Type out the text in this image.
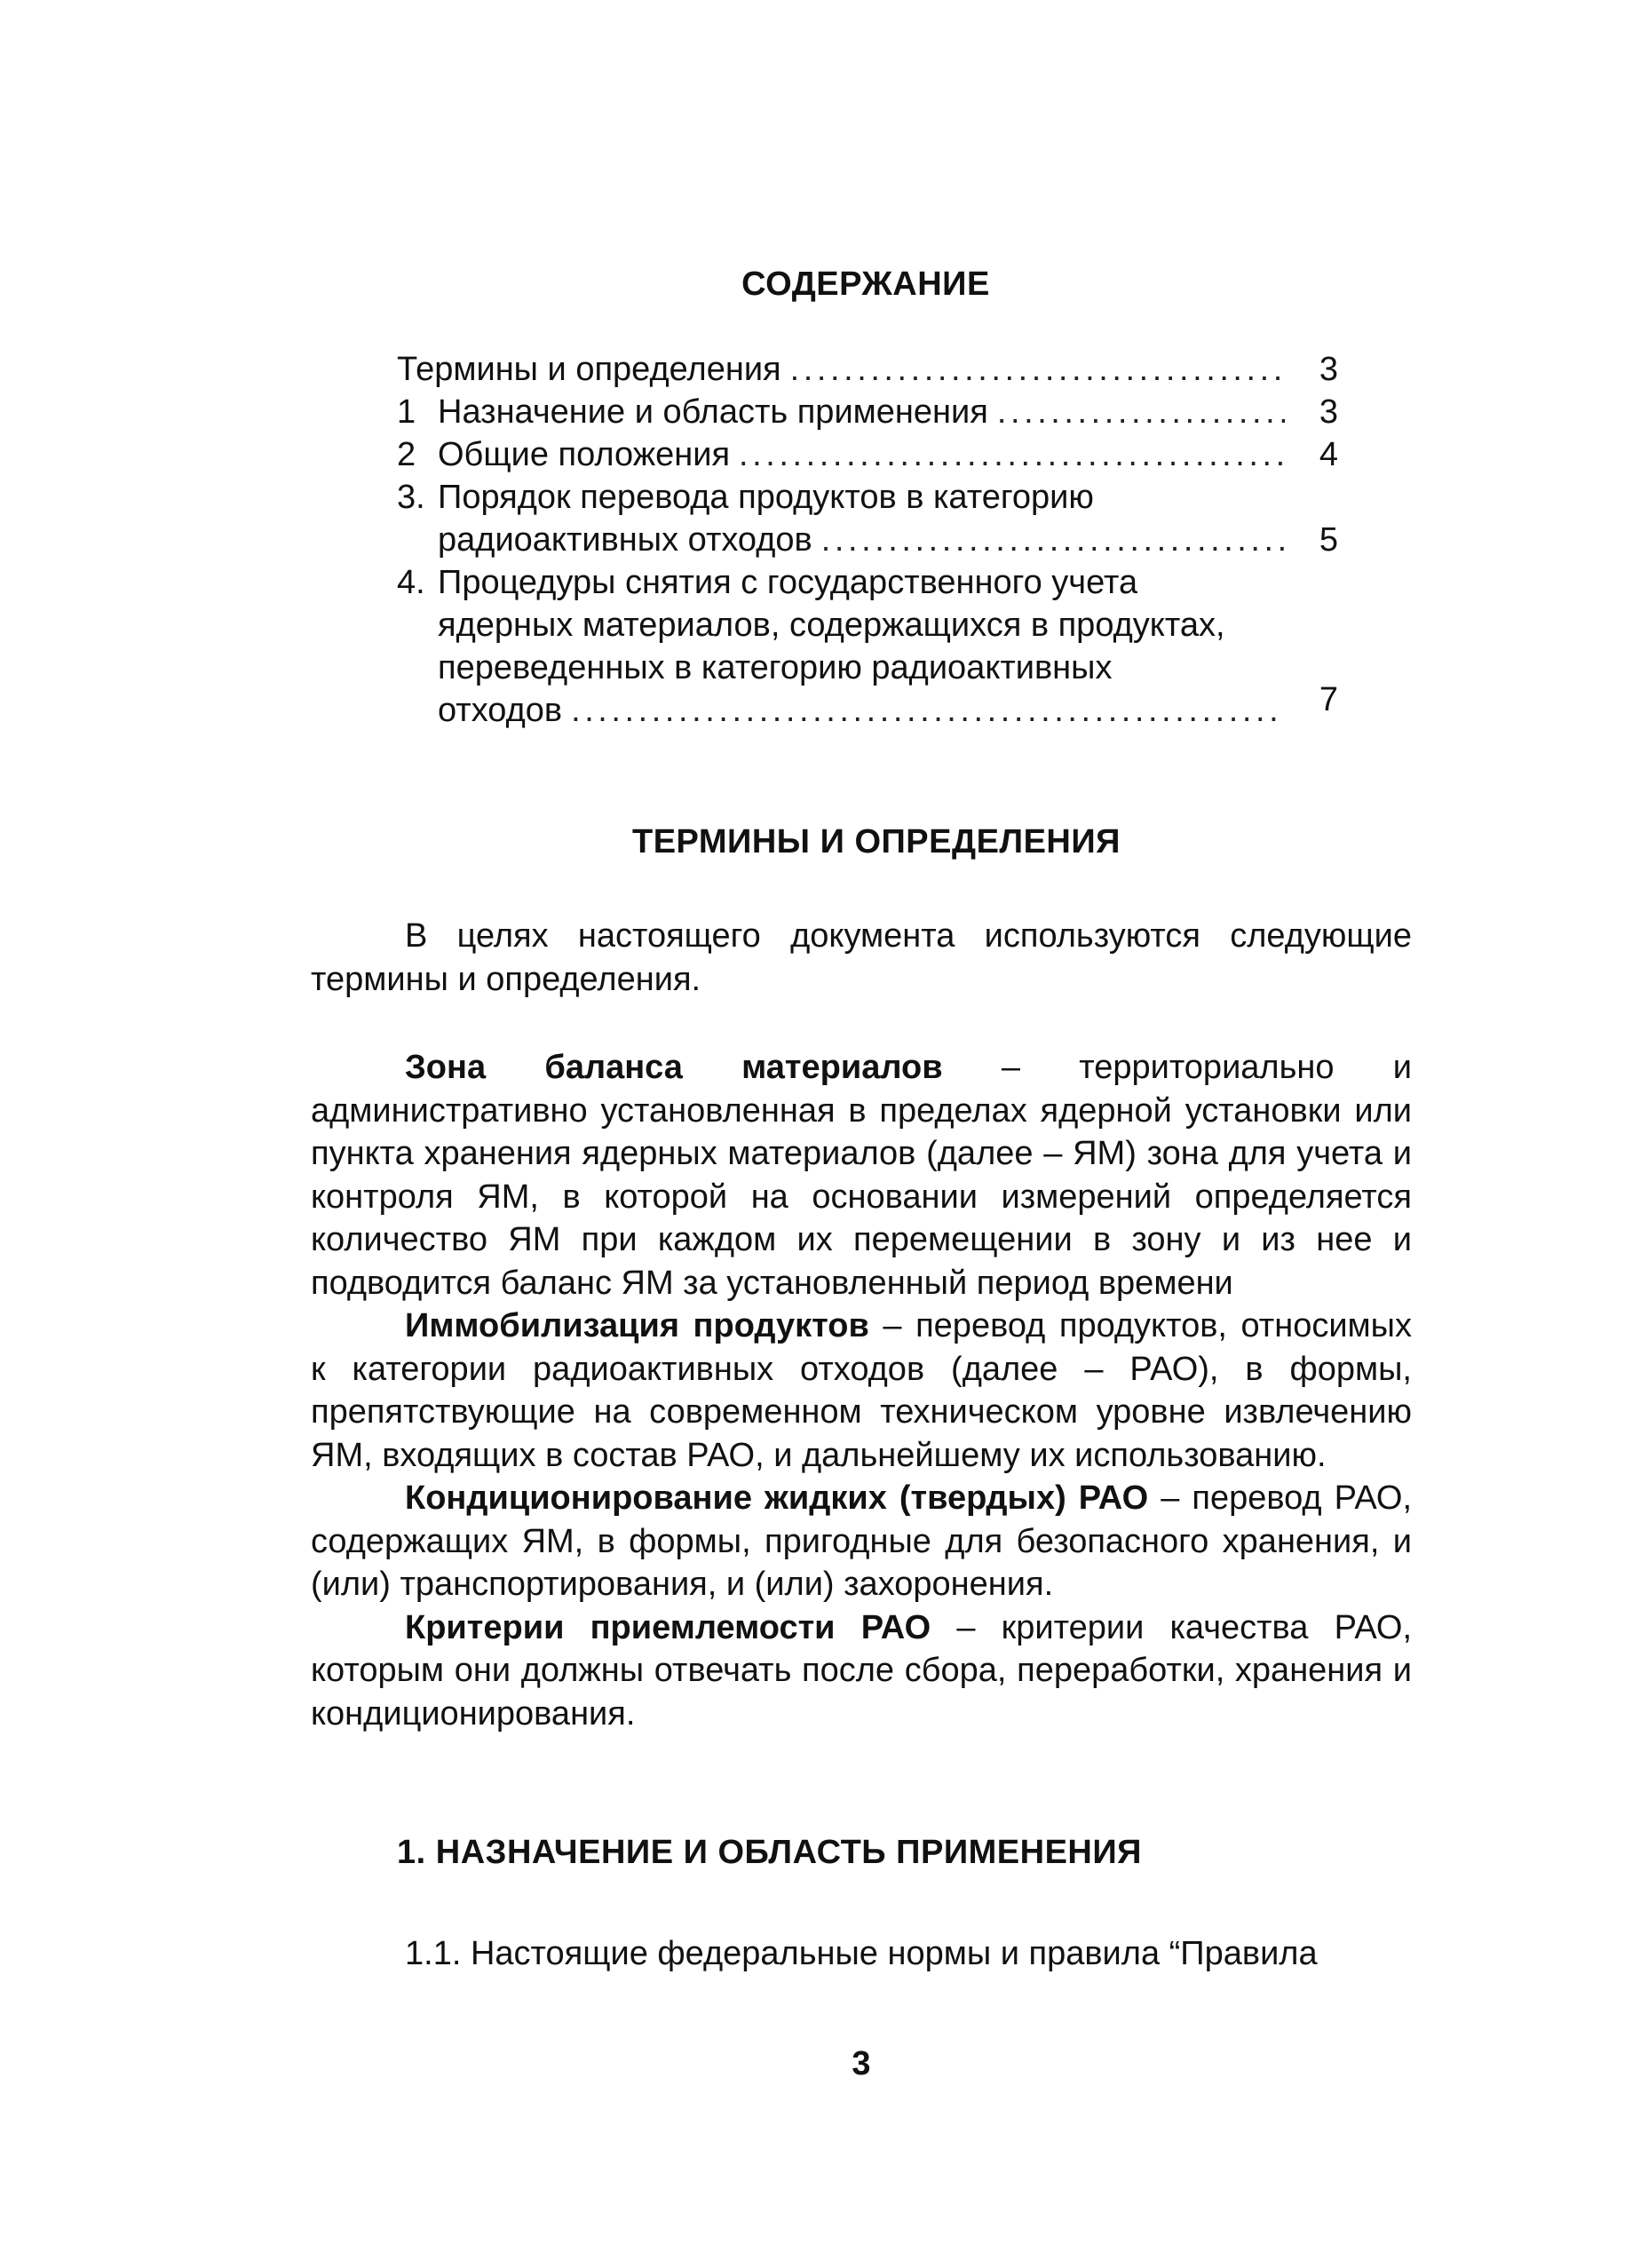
СОДЕРЖАНИЕ
Термины и определения . . .	3
1 Назначение и область применения . . .	3
2 Общие положения . . .	4
3. Порядок перевода продуктов в категорию
радиоактивных отходов . . .	5
4. Процедуры снятия с государственного учета
ядерных материалов, содержащихся в продуктах,
переведенных в категорию радиоактивных
отходов . . .	7
ТЕРМИНЫ И ОПРЕДЕЛЕНИЯ

В целях настоящего документа используются следующие термины и определения.

Зона баланса материалов – территориально и административно установленная в пределах ядерной установки или пункта хранения ядерных материалов (далее – ЯМ) зона для учета и контроля ЯМ, в которой на основании измерений определяется количество ЯМ при каждом их перемещении в зону и из нее и подводится баланс ЯМ за установленный период времени

Иммобилизация продуктов – перевод продуктов, относимых к категории радиоактивных отходов (далее – РАО), в формы, препятствующие на современном техническом уровне извлечению ЯМ, входящих в состав РАО, и дальнейшему их использованию.

Кондиционирование жидких (твердых) РАО – перевод РАО, содержащих ЯМ, в формы, пригодные для безопасного хранения, и (или) транспортирования, и (или) захоронения.

Критерии приемлемости РАО – критерии качества РАО, которым они должны отвечать после сбора, переработки, хранения и кондиционирования.

1. НАЗНАЧЕНИЕ И ОБЛАСТЬ ПРИМЕНЕНИЯ

1.1. Настоящие федеральные нормы и правила “Правила

3
